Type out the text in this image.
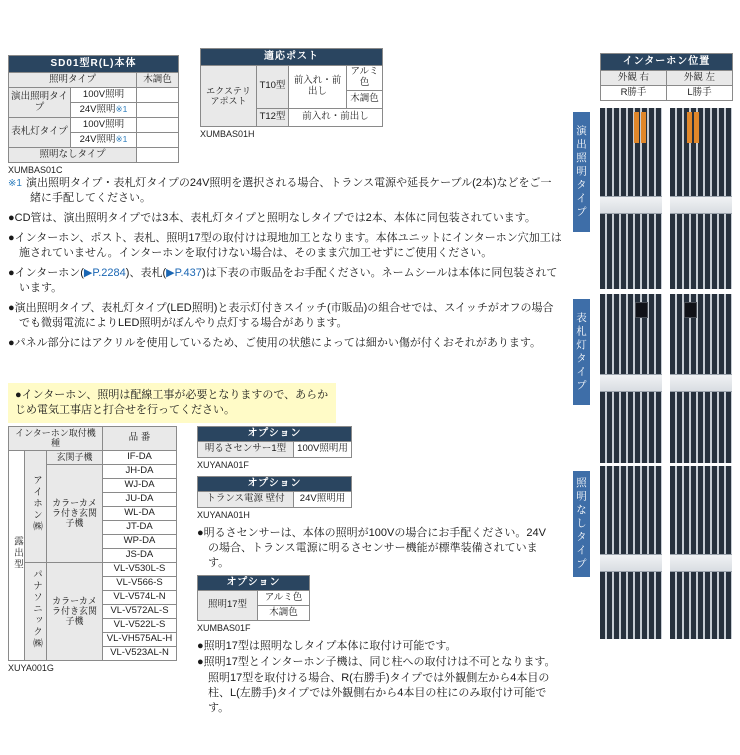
SD01型R(L)本体		
照明タイプ		木調色
演出照明タイプ	100V照明	
	24V照明※1	
表札灯タイプ	100V照明	
	24V照明※1	
照明なしタイプ		
XUMBAS01C
適応ポスト			
エクステリアポスト	T10型	前入れ・前出し	アルミ色
			木調色
	T12型	前入れ・前出し	
XUMBAS01H
インターホン位置	
外観 右	外観 左
R勝手	L勝手
演出照明タイプ
表札灯タイプ
照明なしタイプ

※1 演出照明タイプ・表札灯タイプの24V照明を選択される場合、トランス電源や延長ケーブル(2本)などをご一緒に手配してください。

●CD管は、演出照明タイプでは3本、表札灯タイプと照明なしタイプでは2本、本体に同包装されています。

●インターホン、ポスト、表札、照明17型の取付けは現地加工となります。本体ユニットにインターホン穴加工は施されていません。インターホンを取付けない場合は、そのまま穴加工せずにご使用ください。

●インターホン(▶P.2284)、表札(▶P.437)は下表の市販品をお手配ください。ネームシールは本体に同包装されています。

●演出照明タイプ、表札灯タイプ(LED照明)と表示灯付きスイッチ(市販品)の組合せでは、スイッチがオフの場合でも微弱電流によりLED照明がぼんやり点灯する場合があります。

●パネル部分にはアクリルを使用しているため、ご使用の状態によっては細かい傷が付くおそれがあります。

●インターホン、照明は配線工事が必要となりますので、あらかじめ電気工事店と打合せを行ってください。
インターホン取付機種			品 番
露出型	アイホン㈱	玄関子機	IF-DA
		カラーカメラ付き玄関子機	JH-DA
			WJ-DA
			JU-DA
			WL-DA
			JT-DA
			WP-DA
			JS-DA
	パナソニック㈱	カラーカメラ付き玄関子機	VL-V530L-S
			VL-V566-S
			VL-V574L-N
			VL-V572AL-S
			VL-V522L-S
			VL-VH575AL-H
			VL-V523AL-N
XUYA001G
オプション
明るさセンサー1型	100V照明用
XUYANA01F
オプション
トランス電源 壁付	24V照明用
XUYANA01H

●明るさセンサーは、本体の照明が100Vの場合にお手配ください。24Vの場合、トランス電源に明るさセンサー機能が標準装備されています。

オプション
照明17型	アルミ色
木調色
XUMBAS01F

●照明17型は照明なしタイプ本体に取付け可能です。

●照明17型とインターホン子機は、同じ柱への取付けは不可となります。

照明17型を取付ける場合、R(右勝手)タイプでは外観側左から4本目の柱、L(左勝手)タイプでは外観側右から4本目の柱にのみ取付け可能です。
